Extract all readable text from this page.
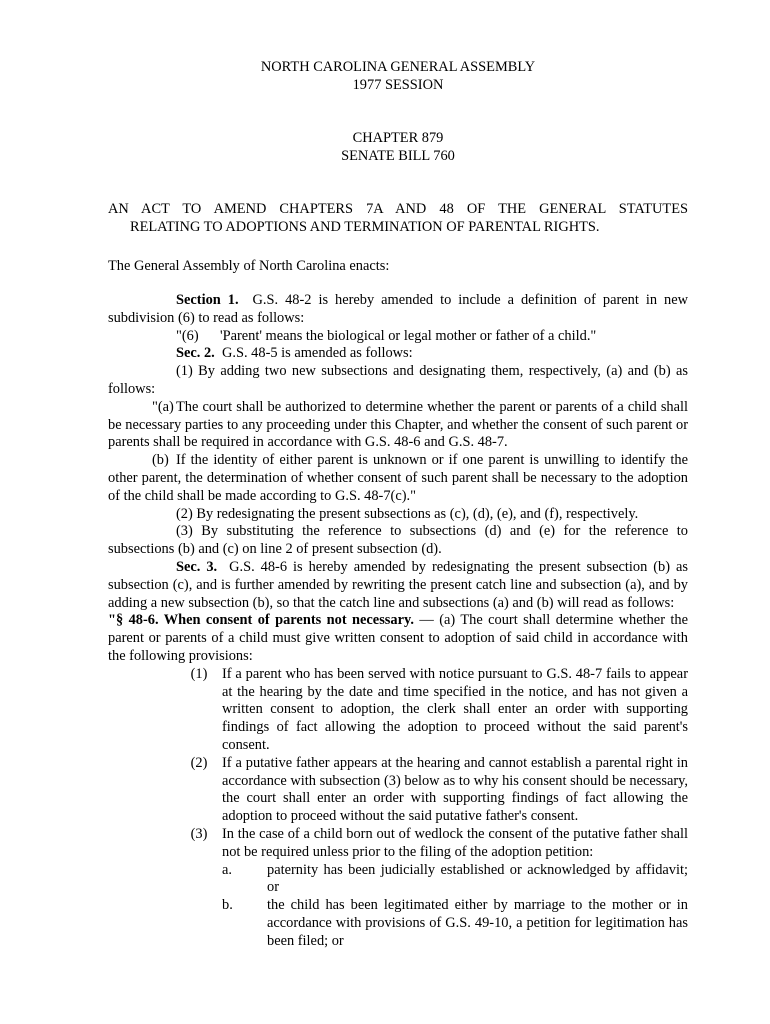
NORTH CAROLINA GENERAL ASSEMBLY
1977 SESSION
CHAPTER 879
SENATE BILL 760
AN ACT TO AMEND CHAPTERS 7A AND 48 OF THE GENERAL STATUTES
RELATING TO ADOPTIONS AND TERMINATION OF PARENTAL RIGHTS.
The General Assembly of North Carolina enacts:

Section 1. G.S. 48-2 is hereby amended to include a definition of parent in new subdivision (6) to read as follows:

"(6) 'Parent' means the biological or legal mother or father of a child."

Sec. 2. G.S. 48-5 is amended as follows:

(1) By adding two new subsections and designating them, respectively, (a) and (b) as follows:

"(a) The court shall be authorized to determine whether the parent or parents of a child shall be necessary parties to any proceeding under this Chapter, and whether the consent of such parent or parents shall be required in accordance with G.S. 48-6 and G.S. 48-7.

(b) If the identity of either parent is unknown or if one parent is unwilling to identify the other parent, the determination of whether consent of such parent shall be necessary to the adoption of the child shall be made according to G.S. 48-7(c)."

(2) By redesignating the present subsections as (c), (d), (e), and (f), respectively.

(3) By substituting the reference to subsections (d) and (e) for the reference to subsections (b) and (c) on line 2 of present subsection (d).

Sec. 3. G.S. 48-6 is hereby amended by redesignating the present subsection (b) as subsection (c), and is further amended by rewriting the present catch line and subsection (a), and by adding a new subsection (b), so that the catch line and subsections (a) and (b) will read as follows:

"§ 48-6. When consent of parents not necessary. — (a) The court shall determine whether the parent or parents of a child must give written consent to adoption of said child in accordance with the following provisions:

(1)	If a parent who has been served with notice pursuant to G.S. 48-7 fails to appear at the hearing by the date and time specified in the notice, and has not given a written consent to adoption, the clerk shall enter an order with supporting findings of fact allowing the adoption to proceed without the said parent's consent.
(2)	If a putative father appears at the hearing and cannot establish a parental right in accordance with subsection (3) below as to why his consent should be necessary, the court shall enter an order with supporting findings of fact allowing the adoption to proceed without the said putative father's consent.
(3)	In the case of a child born out of wedlock the consent of the putative father shall not be required unless prior to the filing of the adoption petition:
a.	paternity has been judicially established or acknowledged by affidavit; or
b.	the child has been legitimated either by marriage to the mother or in accordance with provisions of G.S. 49-10, a petition for legitimation has been filed; or
